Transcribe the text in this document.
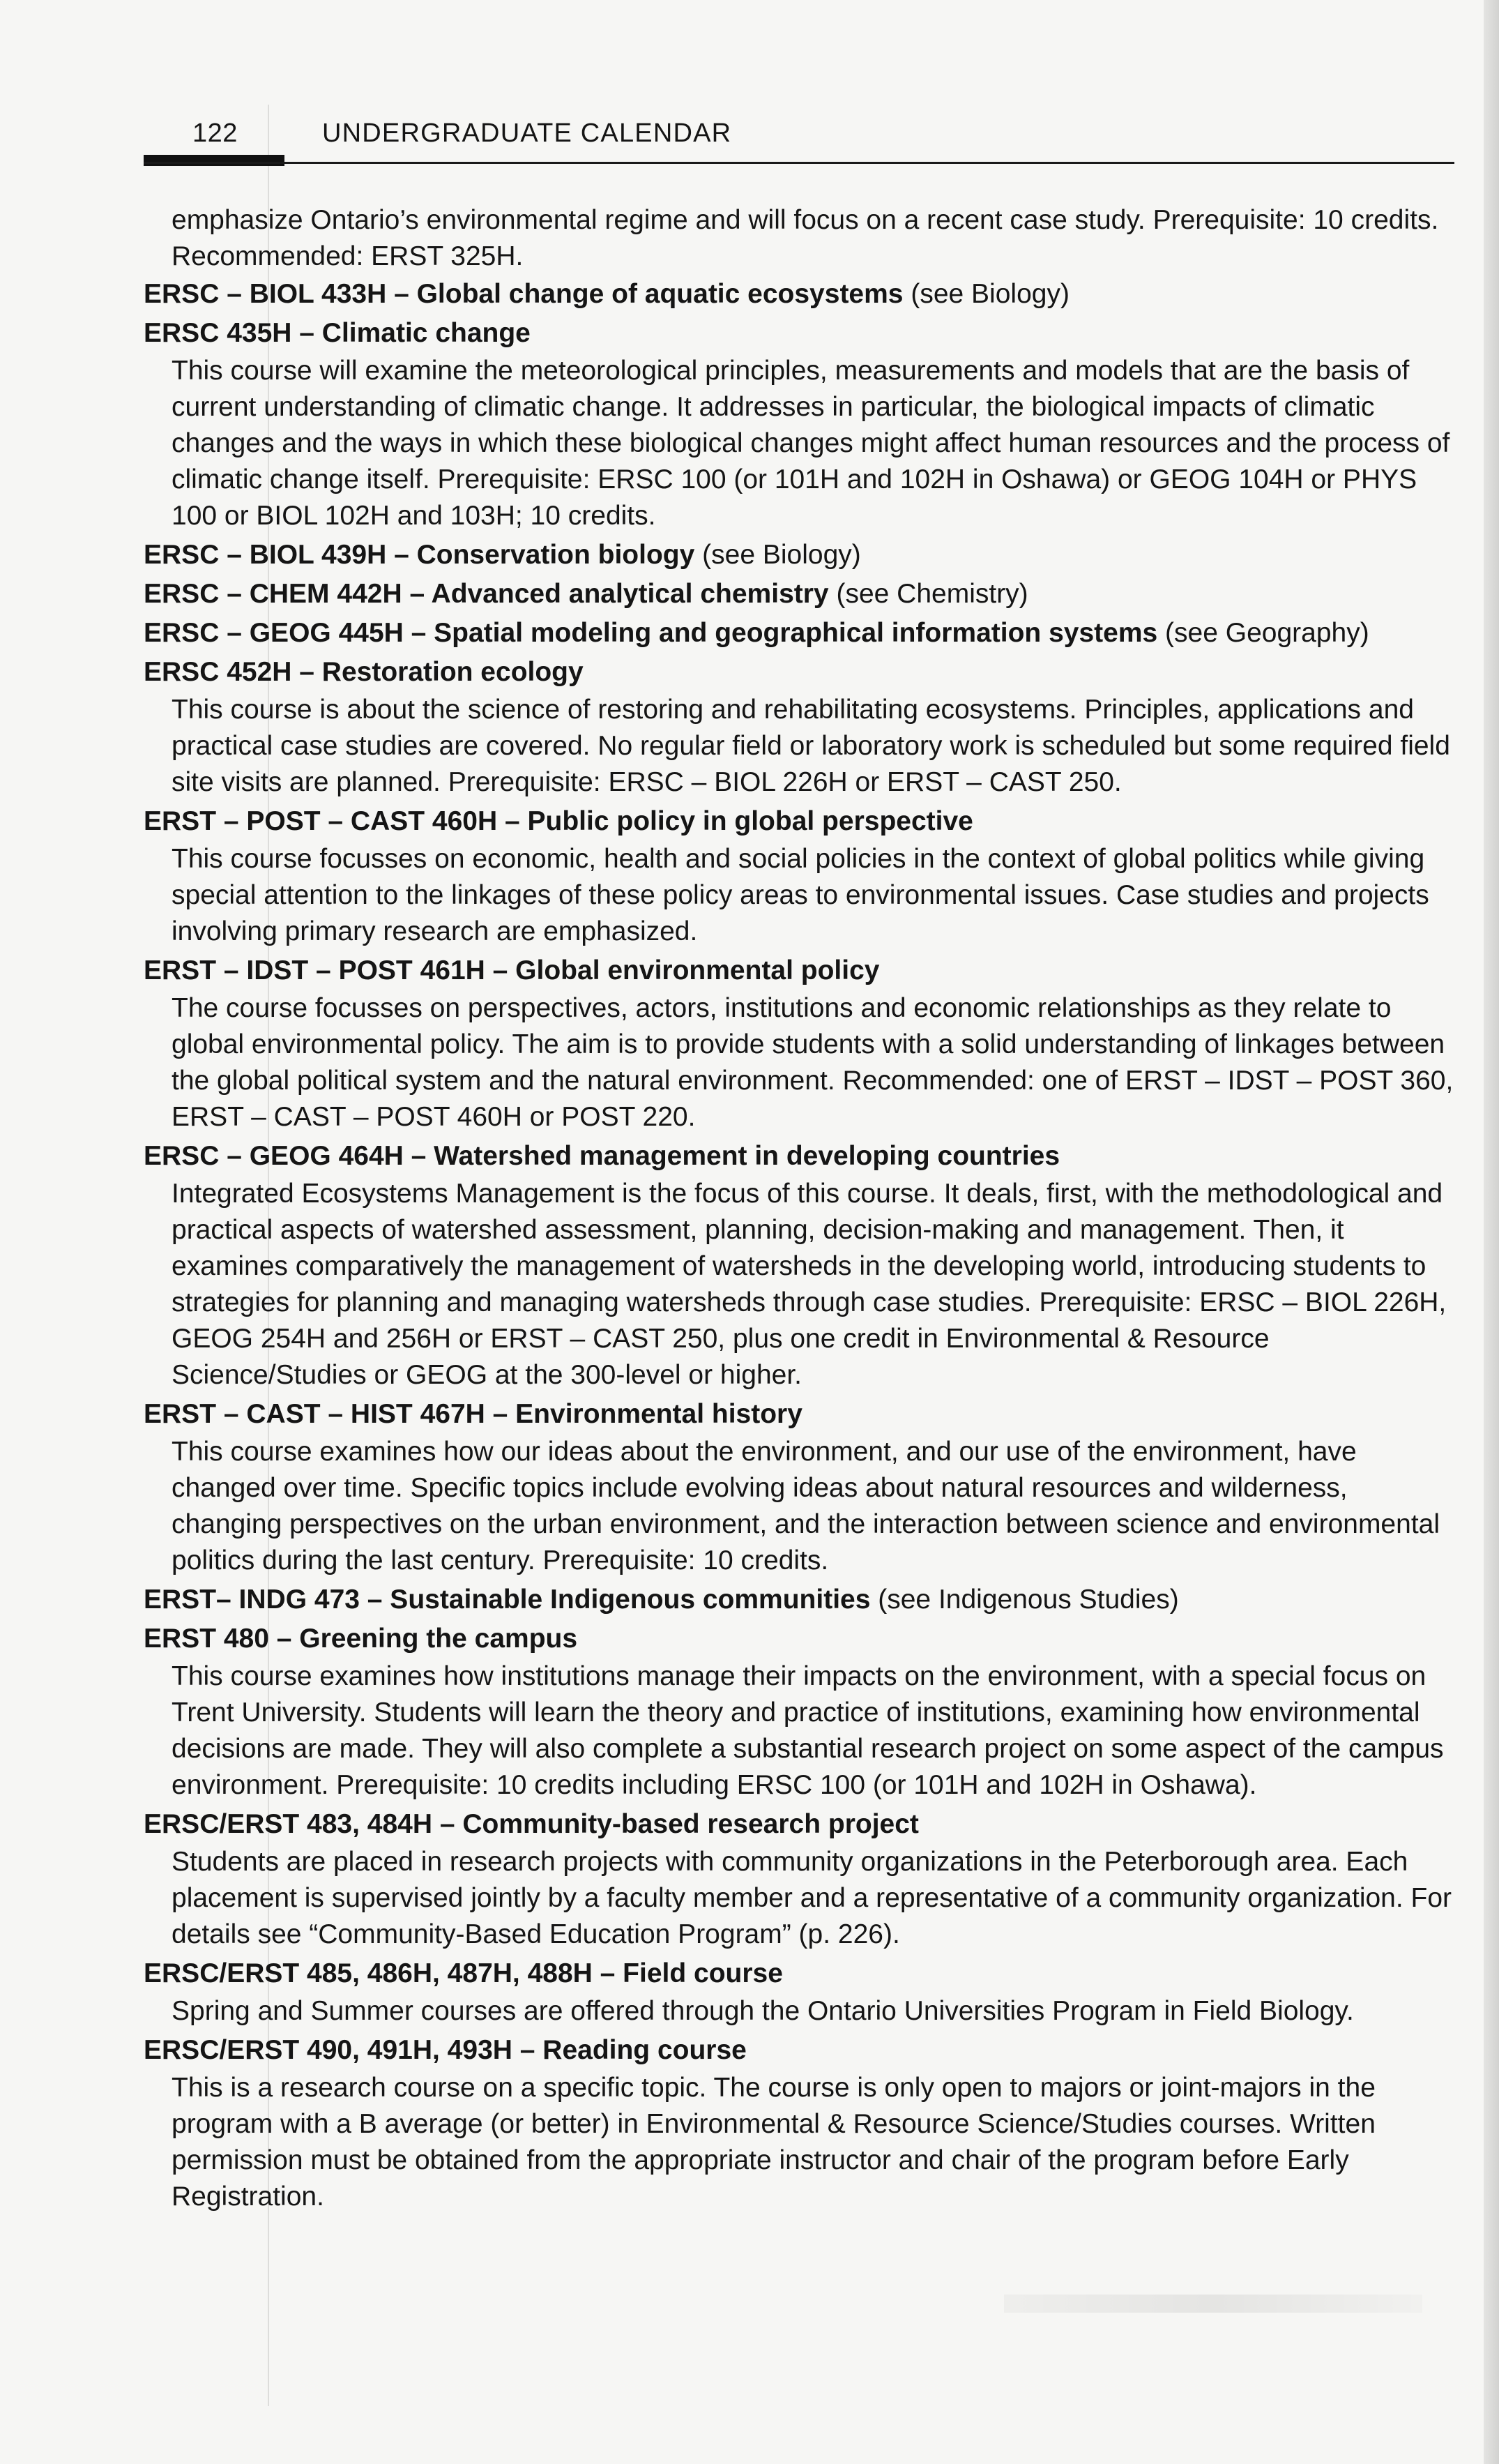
122	UNDERGRADUATE CALENDAR

emphasize Ontario’s environmental regime and will focus on a recent case study. Prerequisite: 10 credits. Recommended: ERST 325H.

ERSC – BIOL 433H – Global change of aquatic ecosystems (see Biology)

ERSC 435H – Climatic change

This course will examine the meteorological principles, measurements and models that are the basis of current understanding of climatic change. It addresses in particular, the biological impacts of climatic changes and the ways in which these biological changes might affect human resources and the process of climatic change itself. Prerequisite: ERSC 100 (or 101H and 102H in Oshawa) or GEOG 104H or PHYS 100 or BIOL 102H and 103H; 10 credits.

ERSC – BIOL 439H – Conservation biology (see Biology)

ERSC – CHEM 442H – Advanced analytical chemistry (see Chemistry)

ERSC – GEOG 445H – Spatial modeling and geographical information systems (see Geography)

ERSC 452H – Restoration ecology

This course is about the science of restoring and rehabilitating ecosystems. Principles, applications and practical case studies are covered. No regular field or laboratory work is scheduled but some required field site visits are planned. Prerequisite: ERSC – BIOL 226H or ERST – CAST 250.

ERST – POST – CAST 460H – Public policy in global perspective

This course focusses on economic, health and social policies in the context of global politics while giving special attention to the linkages of these policy areas to environmental issues. Case studies and projects involving primary research are emphasized.

ERST – IDST – POST 461H – Global environmental policy

The course focusses on perspectives, actors, institutions and economic relationships as they relate to global environmental policy. The aim is to provide students with a solid understanding of linkages between the global political system and the natural environment. Recommended: one of ERST – IDST – POST 360, ERST – CAST – POST 460H or POST 220.

ERSC – GEOG 464H – Watershed management in developing countries

Integrated Ecosystems Management is the focus of this course. It deals, first, with the methodological and practical aspects of watershed assessment, planning, decision-making and management. Then, it examines comparatively the management of watersheds in the developing world, introducing students to strategies for planning and managing watersheds through case studies. Prerequisite: ERSC – BIOL 226H, GEOG 254H and 256H or ERST – CAST 250, plus one credit in Environmental & Resource Science/Studies or GEOG at the 300-level or higher.

ERST – CAST – HIST 467H – Environmental history

This course examines how our ideas about the environment, and our use of the environment, have changed over time. Specific topics include evolving ideas about natural resources and wilderness, changing perspectives on the urban environment, and the interaction between science and environmental politics during the last century. Prerequisite: 10 credits.

ERST– INDG 473 – Sustainable Indigenous communities (see Indigenous Studies)

ERST 480 – Greening the campus

This course examines how institutions manage their impacts on the environment, with a special focus on Trent University. Students will learn the theory and practice of institutions, examining how environmental decisions are made. They will also complete a substantial research project on some aspect of the campus environment. Prerequisite: 10 credits including ERSC 100 (or 101H and 102H in Oshawa).

ERSC/ERST 483, 484H – Community-based research project

Students are placed in research projects with community organizations in the Peterborough area. Each placement is supervised jointly by a faculty member and a representative of a community organization. For details see “Community-Based Education Program” (p. 226).

ERSC/ERST 485, 486H, 487H, 488H – Field course

Spring and Summer courses are offered through the Ontario Universities Program in Field Biology.

ERSC/ERST 490, 491H, 493H – Reading course

This is a research course on a specific topic. The course is only open to majors or joint-majors in the program with a B average (or better) in Environmental & Resource Science/Studies courses. Written permission must be obtained from the appropriate instructor and chair of the program before Early Registration.
